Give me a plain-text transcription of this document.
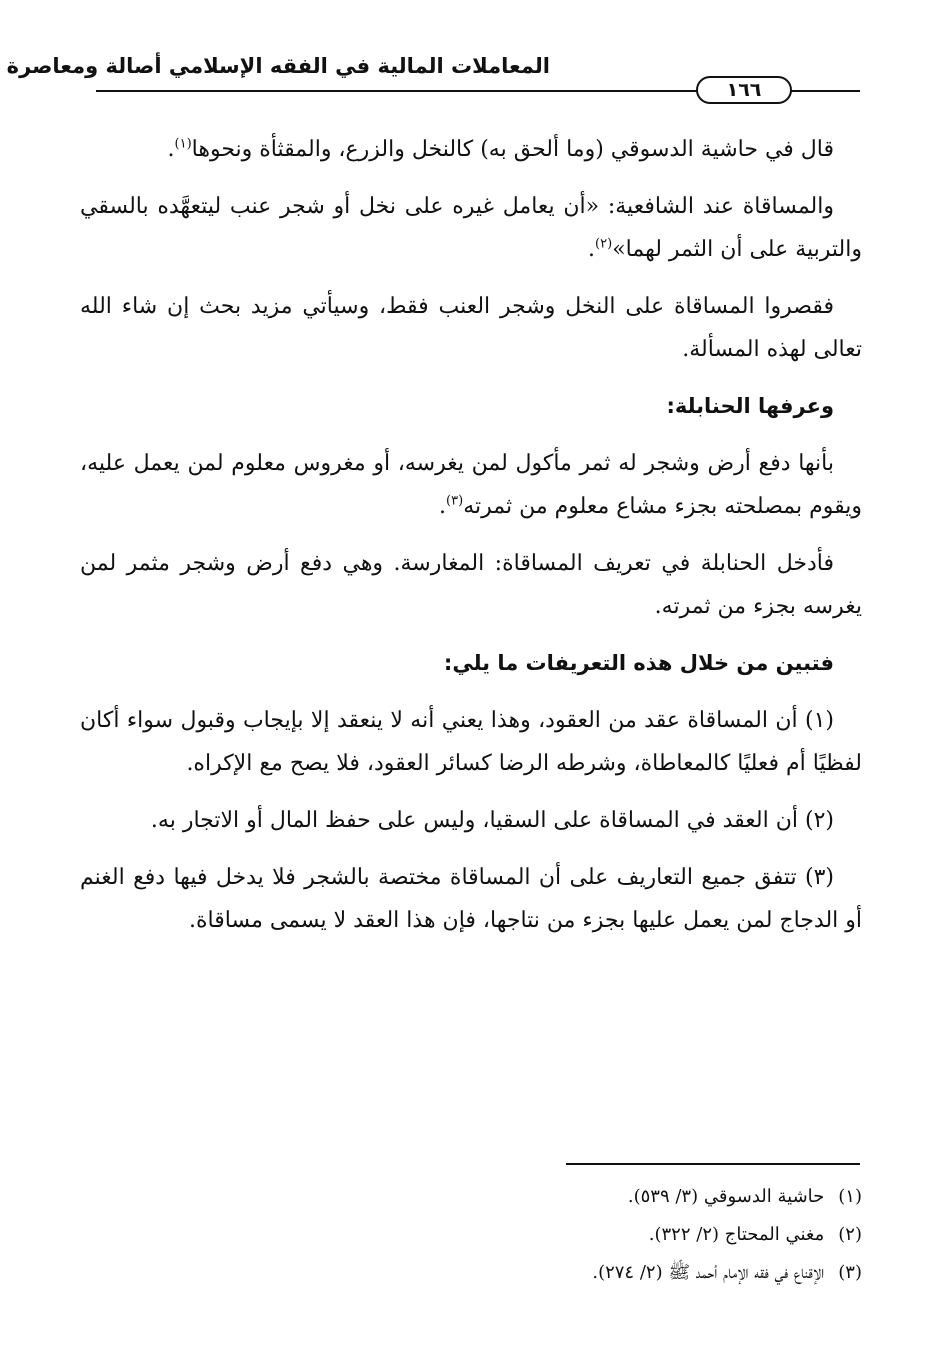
المعاملات المالية في الفقه الإسلامي أصالة ومعاصرة
١٦٦

قال في حاشية الدسوقي (وما ألحق به) كالنخل والزرع، والمقثأة ونحوها$^{(١)}$.

والمساقاة عند الشافعية: «أن يعامل غيره على نخل أو شجر عنب ليتعهَّده بالسقي والتربية على أن الثمر لهما»$^{(٢)}$.

فقصروا المساقاة على النخل وشجر العنب فقط، وسيأتي مزيد بحث إن شاء الله تعالى لهذه المسألة.

وعرفها الحنابلة:

بأنها دفع أرض وشجر له ثمر مأكول لمن يغرسه، أو مغروس معلوم لمن يعمل عليه، ويقوم بمصلحته بجزء مشاع معلوم من ثمرته$^{(٣)}$.

فأدخل الحنابلة في تعريف المساقاة: المغارسة. وهي دفع أرض وشجر مثمر لمن يغرسه بجزء من ثمرته.

فتبين من خلال هذه التعريفات ما يلي:

(١) أن المساقاة عقد من العقود، وهذا يعني أنه لا ينعقد إلا بإيجاب وقبول سواء أكان لفظيًا أم فعليًا كالمعاطاة، وشرطه الرضا كسائر العقود، فلا يصح مع الإكراه.

(٢) أن العقد في المساقاة على السقيا، وليس على حفظ المال أو الاتجار به.

(٣) تتفق جميع التعاريف على أن المساقاة مختصة بالشجر فلا يدخل فيها دفع الغنم أو الدجاج لمن يعمل عليها بجزء من نتاجها، فإن هذا العقد لا يسمى مساقاة.

(١)حاشية الدسوقي (٣/ ٥٣٩).
(٢)مغني المحتاج (٢/ ٣٢٢).
(٣)الإقناع في فقه الإمام أحمد ﷺ (٢/ ٢٧٤).
